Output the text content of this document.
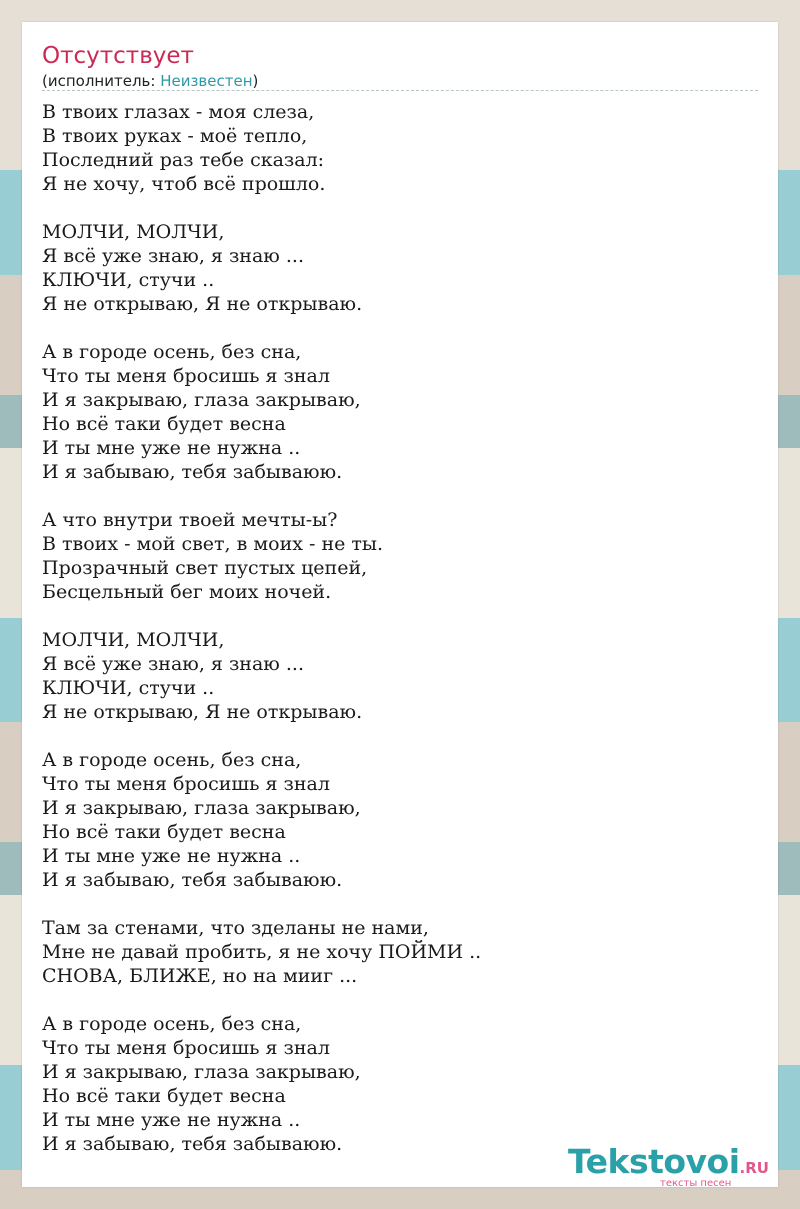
Отсутствует
(исполнитель: Неизвестен)
В твоих глазах - моя слеза,
В твоих руках - моё тепло,
Последний раз тебе сказал:
Я не хочу, чтоб всё прошло.
МОЛЧИ, МОЛЧИ,
Я всё уже знаю, я знаю ...
КЛЮЧИ, стучи ..
Я не открываю, Я не открываю.
А в городе осень, без сна,
Что ты меня бросишь я знал
И я закрываю, глаза закрываю,
Но всё таки будет весна
И ты мне уже не нужна ..
И я забываю, тебя забываюю.
А что внутри твоей мечты-ы?
В твоих - мой свет, в моих - не ты.
Прозрачный свет пустых цепей,
Бесцельный бег моих ночей.
МОЛЧИ, МОЛЧИ,
Я всё уже знаю, я знаю ...
КЛЮЧИ, стучи ..
Я не открываю, Я не открываю.
А в городе осень, без сна,
Что ты меня бросишь я знал
И я закрываю, глаза закрываю,
Но всё таки будет весна
И ты мне уже не нужна ..
И я забываю, тебя забываюю.
Там за стенами, что зделаны не нами,
Мне не давай пробить, я не хочу ПОЙМИ ..
СНОВА, БЛИЖЕ, но на мииг ...
А в городе осень, без сна,
Что ты меня бросишь я знал
И я закрываю, глаза закрываю,
Но всё таки будет весна
И ты мне уже не нужна ..
И я забываю, тебя забываюю.	Tekstovoi.RU
тексты песен
